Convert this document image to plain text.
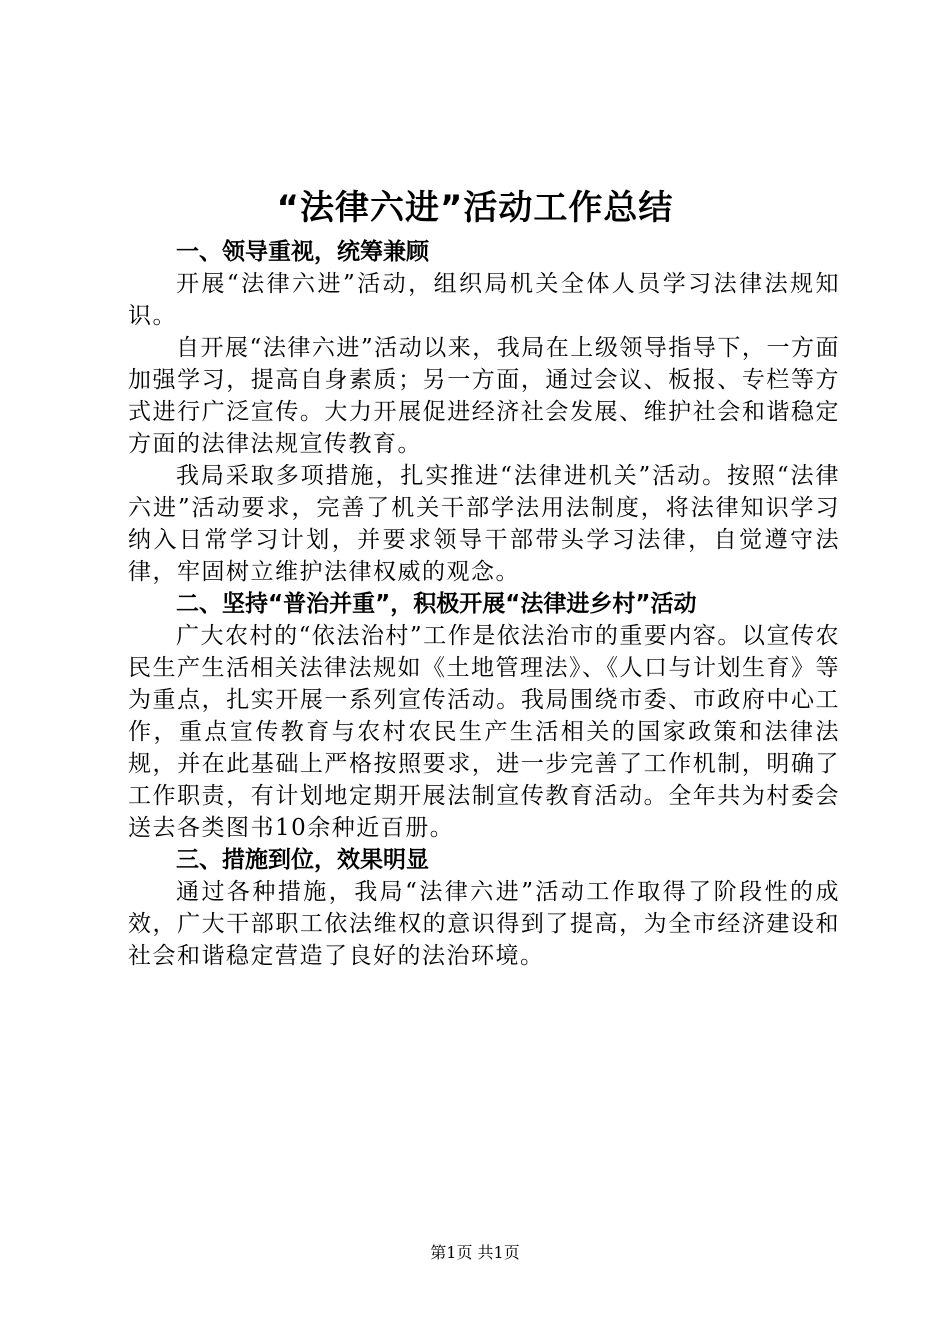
“法律六进”活动工作总结
一、领导重视，统筹兼顾

开展“法律六进”活动，组织局机关全体人员学习法律法规知识。

自开展“法律六进”活动以来，我局在上级领导指导下，一方面加强学习，提高自身素质；另一方面，通过会议、板报、专栏等方式进行广泛宣传。大力开展促进经济社会发展、维护社会和谐稳定方面的法律法规宣传教育。

我局采取多项措施，扎实推进“法律进机关”活动。按照“法律六进”活动要求，完善了机关干部学法用法制度，将法律知识学习纳入日常学习计划，并要求领导干部带头学习法律，自觉遵守法律，牢固树立维护法律权威的观念。

二、坚持“普治并重”，积极开展“法律进乡村”活动

广大农村的“依法治村”工作是依法治市的重要内容。以宣传农民生产生活相关法律法规如《土地管理法》、《人口与计划生育》等为重点，扎实开展一系列宣传活动。我局围绕市委、市政府中心工作，重点宣传教育与农村农民生产生活相关的国家政策和法律法规，并在此基础上严格按照要求，进一步完善了工作机制，明确了工作职责，有计划地定期开展法制宣传教育活动。全年共为村委会送去各类图书10余种近百册。

三、措施到位，效果明显

通过各种措施，我局“法律六进”活动工作取得了阶段性的成效，广大干部职工依法维权的意识得到了提高，为全市经济建设和社会和谐稳定营造了良好的法治环境。

第1页 共1页
